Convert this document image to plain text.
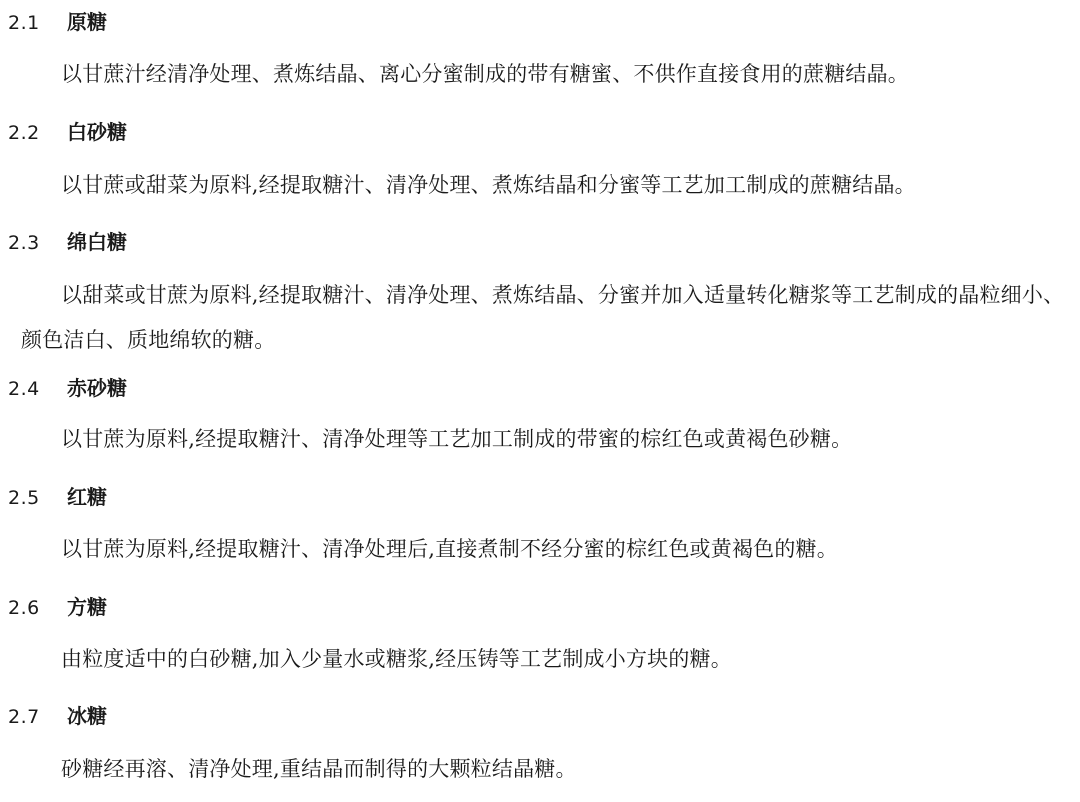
2.1 原糖
以甘蔗汁经清净处理、煮炼结晶、离心分蜜制成的带有糖蜜、不供作直接食用的蔗糖结晶。
2.2 白砂糖
以甘蔗或甜菜为原料,经提取糖汁、清净处理、煮炼结晶和分蜜等工艺加工制成的蔗糖结晶。
2.3 绵白糖
以甜菜或甘蔗为原料,经提取糖汁、清净处理、煮炼结晶、分蜜并加入适量转化糖浆等工艺制成的晶粒细小、颜色洁白、质地绵软的糖。
2.4 赤砂糖
以甘蔗为原料,经提取糖汁、清净处理等工艺加工制成的带蜜的棕红色或黄褐色砂糖。
2.5 红糖
以甘蔗为原料,经提取糖汁、清净处理后,直接煮制不经分蜜的棕红色或黄褐色的糖。
2.6 方糖
由粒度适中的白砂糖,加入少量水或糖浆,经压铸等工艺制成小方块的糖。
2.7 冰糖
砂糖经再溶、清净处理,重结晶而制得的大颗粒结晶糖。
